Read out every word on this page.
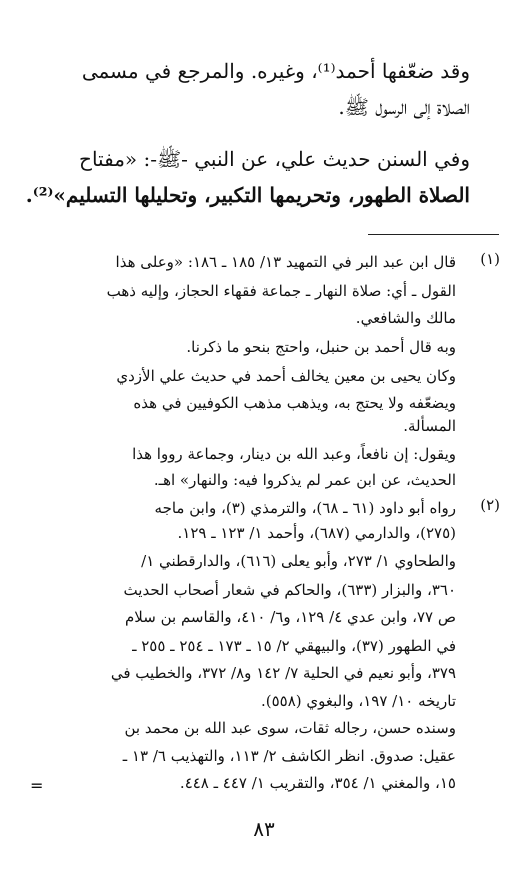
وقد ضعّفها أحمد⁽¹⁾، وغيره. والمرجع في مسمى
الصلاة إلى الرسول ﷺ.
وفي السنن حديث علي، عن النبي -ﷺ-: «مفتاح
الصلاة الطهور، وتحريمها التكبير، وتحليلها التسليم»⁽²⁾.
(١)
قال ابن عبد البر في التمهيد ١٣/ ١٨٥ ـ ١٨٦: «وعلى هذا
القول ـ أي: صلاة النهار ـ جماعة فقهاء الحجاز، وإليه ذهب
مالك والشافعي.
وبه قال أحمد بن حنبل، واحتج بنحو ما ذكرنا.
وكان يحيى بن معين يخالف أحمد في حديث علي الأزدي
ويضعّفه ولا يحتج به، ويذهب مذهب الكوفيين في هذه
المسألة.
ويقول: إن نافعاً، وعبد الله بن دينار، وجماعة رووا هذا
الحديث، عن ابن عمر لم يذكروا فيه: والنهار» اهـ.
(٢)
رواه أبو داود (٦١ ـ ٦٨)، والترمذي (٣)، وابن ماجه
(٢٧٥)، والدارمي (٦٨٧)، وأحمد ١/ ١٢٣ ـ ١٢٩.
والطحاوي ١/ ٢٧٣، وأبو يعلى (٦١٦)، والدارقطني ١/
٣٦٠، والبزار (٦٣٣)، والحاكم في شعار أصحاب الحديث
ص ٧٧، وابن عدي ٤/ ١٢٩، و٦/ ٤١٠، والقاسم بن سلام
في الطهور (٣٧)، والبيهقي ٢/ ١٥ ـ ١٧٣ ـ ٢٥٤ ـ ٢٥٥ ـ
٣٧٩، وأبو نعيم في الحلية ٧/ ١٤٢ و٨/ ٣٧٢، والخطيب في
تاريخه ١٠/ ١٩٧، والبغوي (٥٥٨).
وسنده حسن، رجاله ثقات، سوى عبد الله بن محمد بن
عقيل: صدوق. انظر الكاشف ٢/ ١١٣، والتهذيب ٦/ ١٣ ـ
١٥، والمغني ١/ ٣٥٤، والتقريب ١/ ٤٤٧ ـ ٤٤٨.
=
٨٣
